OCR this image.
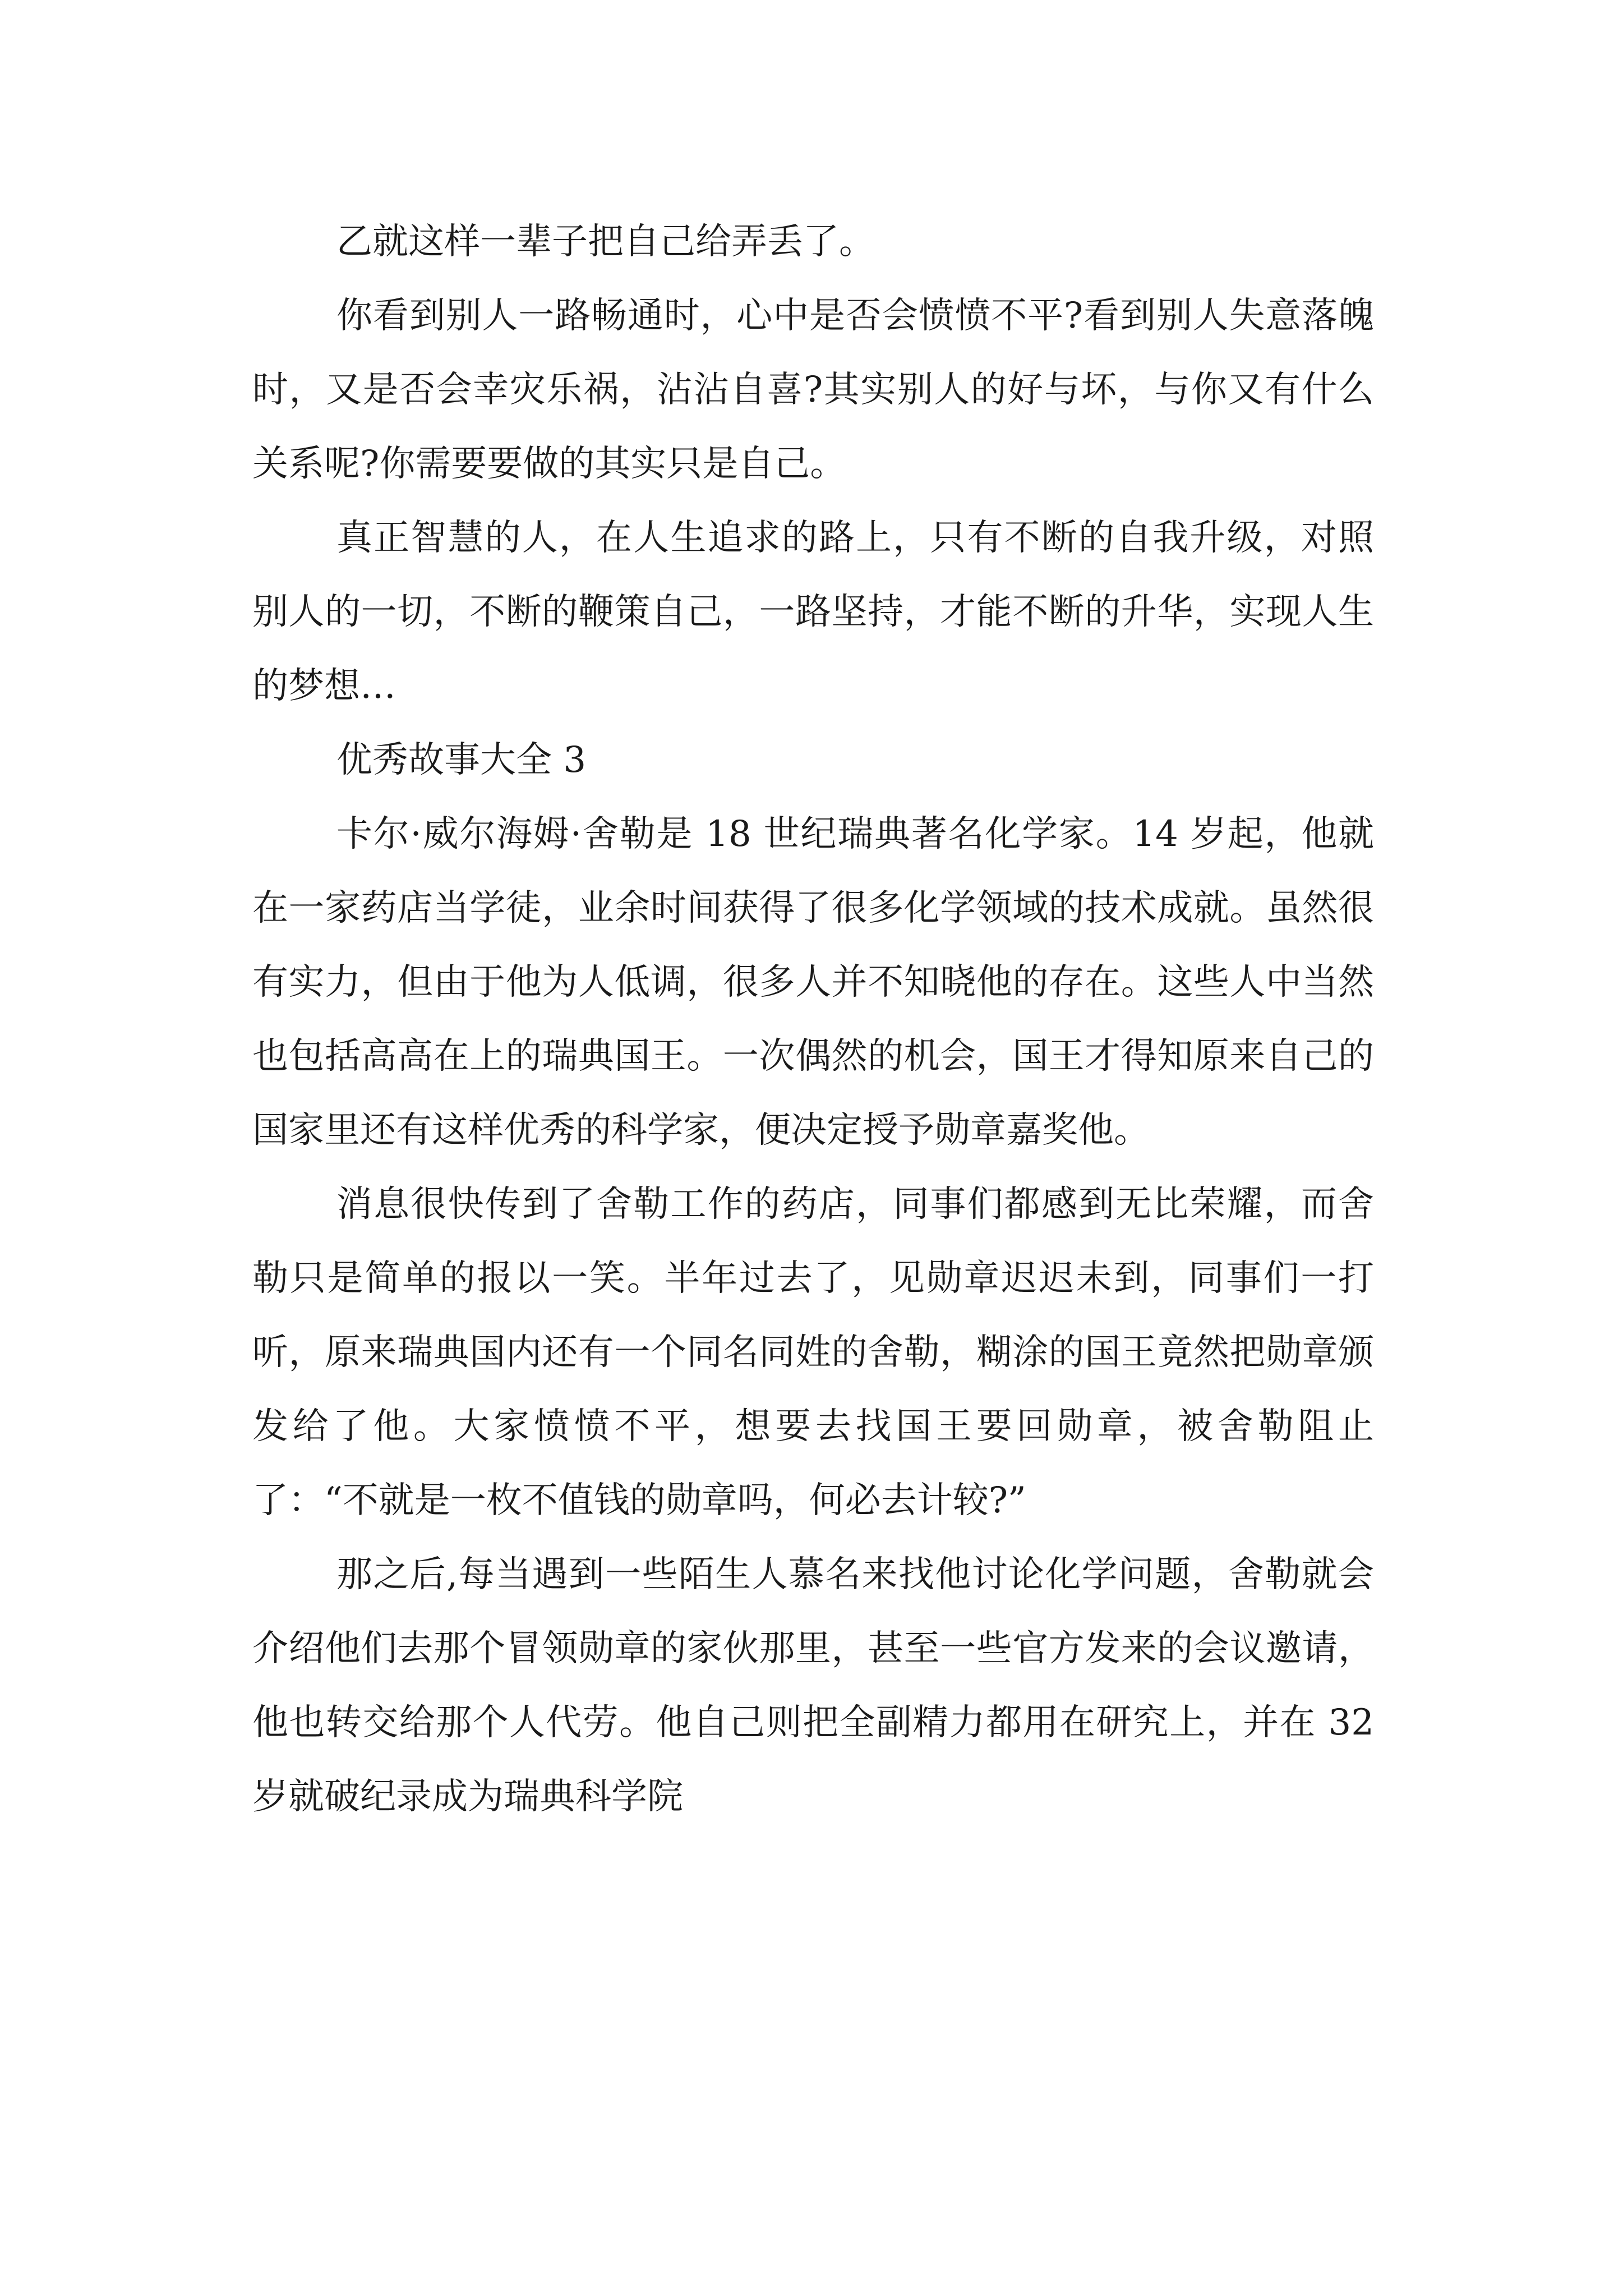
乙就这样一辈子把自己给弄丢了。

你看到别人一路畅通时，心中是否会愤愤不平?看到别人失意落魄时，又是否会幸灾乐祸，沾沾自喜?其实别人的好与坏，与你又有什么关系呢?你需要要做的其实只是自己。

真正智慧的人，在人生追求的路上，只有不断的自我升级，对照别人的一切，不断的鞭策自己，一路坚持，才能不断的升华，实现人生的梦想…

优秀故事大全 3

卡尔·威尔海姆·舍勒是 18 世纪瑞典著名化学家。14 岁起，他就在一家药店当学徒，业余时间获得了很多化学领域的技术成就。虽然很有实力，但由于他为人低调，很多人并不知晓他的存在。这些人中当然也包括高高在上的瑞典国王。一次偶然的机会，国王才得知原来自己的国家里还有这样优秀的科学家，便决定授予勋章嘉奖他。

消息很快传到了舍勒工作的药店，同事们都感到无比荣耀，而舍勒只是简单的报以一笑。半年过去了，见勋章迟迟未到，同事们一打听，原来瑞典国内还有一个同名同姓的舍勒，糊涂的国王竟然把勋章颁发给了他。大家愤愤不平，想要去找国王要回勋章，被舍勒阻止了：“不就是一枚不值钱的勋章吗，何必去计较?”

那之后,每当遇到一些陌生人慕名来找他讨论化学问题，舍勒就会介绍他们去那个冒领勋章的家伙那里，甚至一些官方发来的会议邀请，他也转交给那个人代劳。他自己则把全副精力都用在研究上，并在 32 岁就破纪录成为瑞典科学院
